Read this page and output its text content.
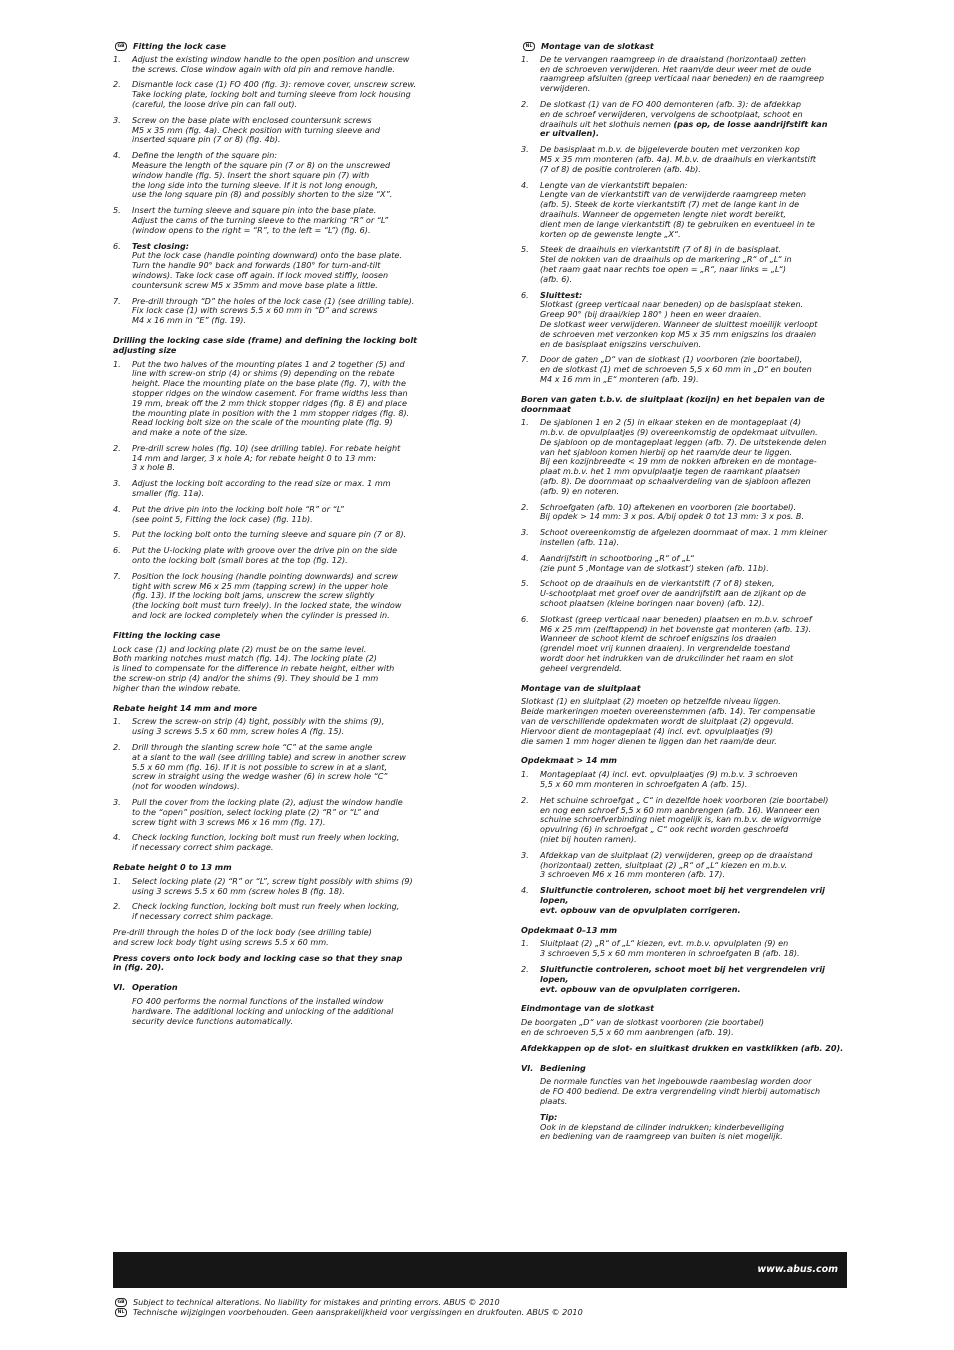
GB	Fitting the lock case
1. Adjust the existing window handle to the open position and unscrew
the screws. Close window again with old pin and remove handle.
2. Dismantle lock case (1) FO 400 (fig. 3): remove cover, unscrew screw.
Take locking plate, locking bolt and turning sleeve from lock housing
(careful, the loose drive pin can fall out).
3. Screw on the base plate with enclosed countersunk screws
M5 x 35 mm (fig. 4a). Check position with turning sleeve and
inserted square pin (7 or 8) (fig. 4b).
4. Define the length of the square pin:
Measure the length of the square pin (7 or 8) on the unscrewed
window handle (fig. 5). Insert the short square pin (7) with
the long side into the turning sleeve. If it is not long enough,
use the long square pin (8) and possibly shorten to the size “X”.
5. Insert the turning sleeve and square pin into the base plate.
Adjust the cams of the turning sleeve to the marking “R” or “L”
(window opens to the right = “R”, to the left = “L”) (fig. 6).
6. Test closing:
Put the lock case (handle pointing downward) onto the base plate.
Turn the handle 90° back and forwards (180° for turn-and-tilt
windows). Take lock case off again. If lock moved stiffly, loosen
countersunk screw M5 x 35mm and move base plate a little.
7. Pre-drill through “D” the holes of the lock case (1) (see drilling table).
Fix lock case (1) with screws 5.5 x 60 mm in “D” and screws
M4 x 16 mm in “E” (fig. 19).
Drilling the locking case side (frame) and defining the locking bolt
adjusting size
1. Put the two halves of the mounting plates 1 and 2 together (5) and
line with screw-on strip (4) or shims (9) depending on the rebate
height. Place the mounting plate on the base plate (fig. 7), with the
stopper ridges on the window casement. For frame widths less than
19 mm, break off the 2 mm thick stopper ridges (fig. 8 E) and place
the mounting plate in position with the 1 mm stopper ridges (fig. 8).
Read locking bolt size on the scale of the mounting plate (fig. 9)
and make a note of the size.
2. Pre-drill screw holes (fig. 10) (see drilling table). For rebate height
14 mm and larger, 3 x hole A; for rebate height 0 to 13 mm:
3 x hole B.
3. Adjust the locking bolt according to the read size or max. 1 mm
smaller (fig. 11a).
4. Put the drive pin into the locking bolt hole “R” or “L”
(see point 5, Fitting the lock case) (fig. 11b).
5. Put the locking bolt onto the turning sleeve and square pin (7 or 8).
6. Put the U-locking plate with groove over the drive pin on the side
onto the locking bolt (small bores at the top (fig. 12).
7. Position the lock housing (handle pointing downwards) and screw
tight with screw M6 x 25 mm (tapping screw) in the upper hole
(fig. 13). If the locking bolt jams, unscrew the screw slightly
(the locking bolt must turn freely). In the locked state, the window
and lock are locked completely when the cylinder is pressed in.
Fitting the locking case
Lock case (1) and locking plate (2) must be on the same level.
Both marking notches must match (fig. 14). The locking plate (2)
is lined to compensate for the difference in rebate height, either with
the screw-on strip (4) and/or the shims (9). They should be 1 mm
higher than the window rebate.
Rebate height 14 mm and more
1. Screw the screw-on strip (4) tight, possibly with the shims (9),
using 3 screws 5.5 x 60 mm, screw holes A (fig. 15).
2. Drill through the slanting screw hole “C” at the same angle
at a slant to the wall (see drilling table) and screw in another screw
5.5 x 60 mm (fig. 16). If it is not possible to screw in at a slant,
screw in straight using the wedge washer (6) in screw hole “C”
(not for wooden windows).
3. Pull the cover from the locking plate (2), adjust the window handle
to the “open” position, select locking plate (2) “R” or “L” and
screw tight with 3 screws M6 x 16 mm (fig. 17).
4. Check locking function, locking bolt must run freely when locking,
if necessary correct shim package.
Rebate height 0 to 13 mm
1. Select locking plate (2) “R” or “L”, screw tight possibly with shims (9)
using 3 screws 5.5 x 60 mm (screw holes B (fig. 18).
2. Check locking function, locking bolt must run freely when locking,
if necessary correct shim package.
Pre-drill through the holes D of the lock body (see drilling table)
and screw lock body tight using screws 5.5 x 60 mm.
Press covers onto lock body and locking case so that they snap
in (fig. 20).
VI. Operation
FO 400 performs the normal functions of the installed window
hardware. The additional locking and unlocking of the additional
security device functions automatically.
NL	Montage van de slotkast
1. De te vervangen raamgreep in de draaistand (horizontaal) zetten
en de schroeven verwijderen. Het raam/de deur weer met de oude
raamgreep afsluiten (greep verticaal naar beneden) en de raamgreep
verwijderen.
2. De slotkast (1) van de FO 400 demonteren (afb. 3): de afdekkap
en de schroef verwijderen, vervolgens de schootplaat, schoot en
draaihuls uit het slothuis nemen (pas op, de losse aandrijfstift kan
er uitvallen).
3. De basisplaat m.b.v. de bijgeleverde bouten met verzonken kop
M5 x 35 mm monteren (afb. 4a). M.b.v. de draaihuls en vierkantstift
(7 of 8) de positie controleren (afb. 4b).
4. Lengte van de vierkantstift bepalen:
Lengte van de vierkantstift van de verwijderde raamgreep meten
(afb. 5). Steek de korte vierkantstift (7) met de lange kant in de
draaihuls. Wanneer de opgemeten lengte niet wordt bereikt,
dient men de lange vierkantstift (8) te gebruiken en eventueel in te
korten op de gewenste lengte „X“.
5. Steek de draaihuls en vierkantstift (7 of 8) in de basisplaat.
Stel de nokken van de draaihuls op de markering „R“ of „L“ in
(het raam gaat naar rechts toe open = „R“, naar links = „L“)
(afb. 6).
6. Sluittest:
Slotkast (greep verticaal naar beneden) op de basisplaat steken.
Greep 90° (bij draai/kiep 180° ) heen en weer draaien.
De slotkast weer verwijderen. Wanneer de sluittest moeilijk verloopt
de schroeven met verzonken kop M5 x 35 mm enigszins los draaien
en de basisplaat enigszins verschuiven.
7. Door de gaten „D“ van de slotkast (1) voorboren (zie boortabel),
en de slotkast (1) met de schroeven 5,5 x 60 mm in „D“ en bouten
M4 x 16 mm in „E“ monteren (afb. 19).
Boren van gaten t.b.v. de sluitplaat (kozijn) en het bepalen van de
doornmaat
1. De sjablonen 1 en 2 (5) in elkaar steken en de montageplaat (4)
m.b.v. de opvulplaatjes (9) overeenkomstig de opdekmaat uitvullen.
De sjabloon op de montageplaat leggen (afb. 7). De uitstekende delen
van het sjabloon komen hierbij op het raam/de deur te liggen.
Bij een kozijnbreedte < 19 mm de nokken afbreken en de montage-
plaat m.b.v. het 1 mm opvulplaatje tegen de raamkant plaatsen
(afb. 8). De doornmaat op schaalverdeling van de sjabloon aflezen
(afb. 9) en noteren.
2. Schroefgaten (afb. 10) aftekenen en voorboren (zie boortabel).
Bij opdek > 14 mm: 3 x pos. A/bij opdek 0 tot 13 mm: 3 x pos. B.
3. Schoot overeenkomstig de afgelezen doornmaat of max. 1 mm kleiner
instellen (afb. 11a).
4. Aandrijfstift in schootboring „R“ of „L“
(zie punt 5 ,Montage van de slotkast’) steken (afb. 11b).
5. Schoot op de draaihuls en de vierkantstift (7 of 8) steken,
U-schootplaat met groef over de aandrijfstift aan de zijkant op de
schoot plaatsen (kleine boringen naar boven) (afb. 12).
6. Slotkast (greep verticaal naar beneden) plaatsen en m.b.v. schroef
M6 x 25 mm (zelftappend) in het bovenste gat monteren (afb. 13).
Wanneer de schoot klemt de schroef enigszins los draaien
(grendel moet vrij kunnen draaien). In vergrendelde toestand
wordt door het indrukken van de drukcilinder het raam en slot
geheel vergrendeld.
Montage van de sluitplaat
Slotkast (1) en sluitplaat (2) moeten op hetzelfde niveau liggen.
Beide markeringen moeten overeenstemmen (afb. 14). Ter compensatie
van de verschillende opdekmaten wordt de sluitplaat (2) opgevuld.
Hiervoor dient de montageplaat (4) incl. evt. opvulplaatjes (9)
die samen 1 mm hoger dienen te liggen dan het raam/de deur.
Opdekmaat > 14 mm
1. Montageplaat (4) incl. evt. opvulplaatjes (9) m.b.v. 3 schroeven
5,5 x 60 mm monteren in schroefgaten A (afb. 15).
2. Het schuine schroefgat „ C“ in dezelfde hoek voorboren (zie boortabel)
en nog een schroef 5,5 x 60 mm aanbrengen (afb. 16). Wanneer een
schuine schroefverbinding niet mogelijk is, kan m.b.v. de wigvormige
opvulring (6) in schroefgat „ C“ ook recht worden geschroefd
(niet bij houten ramen).
3. Afdekkap van de sluitplaat (2) verwijderen, greep op de draaistand
(horizontaal) zetten, sluitplaat (2) „R“ of „L“ kiezen en m.b.v.
3 schroeven M6 x 16 mm monteren (afb. 17).
4. Sluitfunctie controleren, schoot moet bij het vergrendelen vrij lopen,
evt. opbouw van de opvulplaten corrigeren.
Opdekmaat 0–13 mm
1. Sluitplaat (2) „R“ of „L“ kiezen, evt. m.b.v. opvulplaten (9) en
3 schroeven 5,5 x 60 mm monteren in schroefgaten B (afb. 18).
2. Sluitfunctie controleren, schoot moet bij het vergrendelen vrij lopen,
evt. opbouw van de opvulplaten corrigeren.
Eindmontage van de slotkast
De boorgaten „D“ van de slotkast voorboren (zie boortabel)
en de schroeven 5,5 x 60 mm aanbrengen (afb. 19).
Afdekkappen op de slot- en sluitkast drukken en vastklikken (afb. 20).
VI. Bediening
De normale functies van het ingebouwde raambeslag worden door
de FO 400 bediend. De extra vergrendeling vindt hierbij automatisch
plaats.
Tip:
Ook in de kiepstand de cilinder indrukken; kinderbeveiliging
en bediening van de raamgreep van buiten is niet mogelijk.
www.abus.com
GB	Subject to technical alterations. No liability for mistakes and printing errors. ABUS © 2010
NL	Technische wijzigingen voorbehouden. Geen aansprakelijkheid voor vergissingen en drukfouten. ABUS © 2010
